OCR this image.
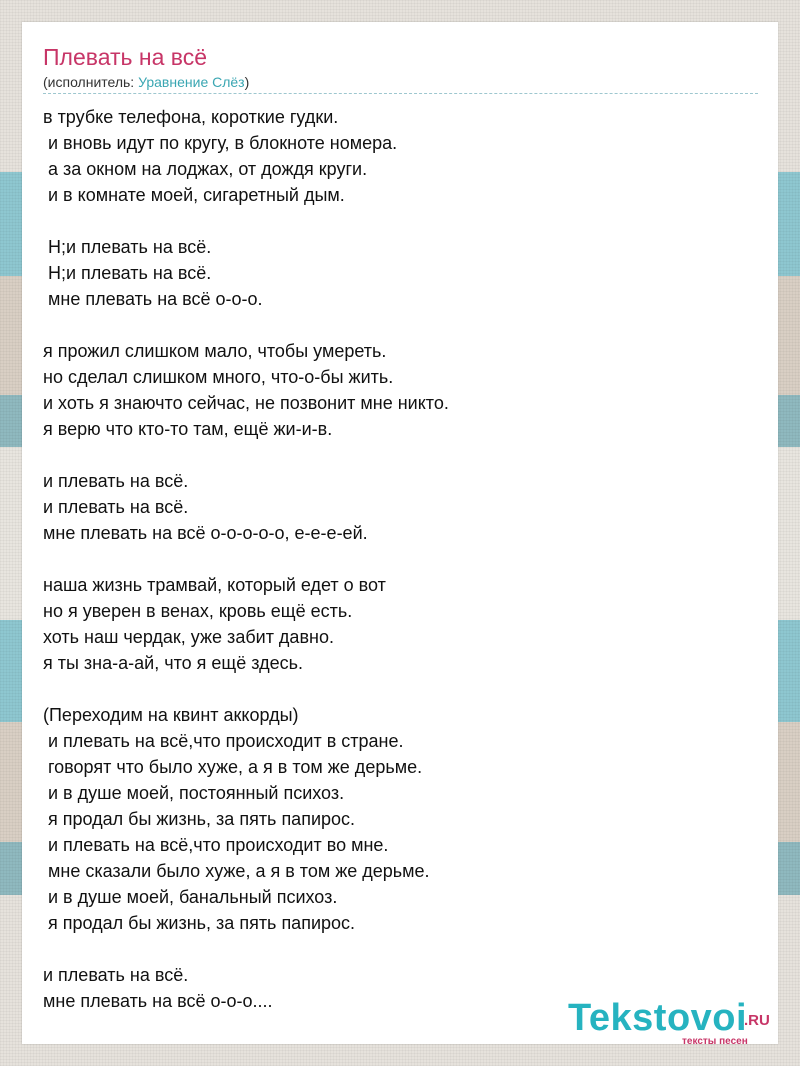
Плевать на всё
(исполнитель: Уравнение Слёз)
в трубке телефона, короткие гудки.
и вновь идут по кругу, в блокноте номера.
а за окном на лоджах, от дождя круги.
и в комнате моей, сигаретный дым.
Н;и плевать на всё.
Н;и плевать на всё.
мне плевать на всё о-о-о.
я прожил слишком мало, чтобы умереть.
но сделал слишком много, что-о-бы жить.
и хоть я знаючто сейчас, не позвонит мне никто.
я верю что кто-то там, ещё жи-и-в.
и плевать на всё.
и плевать на всё.
мне плевать на всё о-о-о-о-о, е-е-е-ей.
наша жизнь трамвай, который едет о вот
но я уверен в венах, кровь ещё есть.
хоть наш чердак, уже забит давно.
я ты зна-а-ай, что я ещё здесь.
(Переходим на квинт аккорды)
и плевать на всё,что происходит в стране.
говорят что было хуже, а я в том же дерьме.
и в душе моей, постоянный психоз.
я продал бы жизнь, за пять папирос.
и плевать на всё,что происходит во мне.
мне сказали было хуже, а я в том же дерьме.
и в душе моей, банальный психоз.
я продал бы жизнь, за пять папирос.
и плевать на всё.
мне плевать на всё о-о-о....	Tekstovoi
.RU
тексты песен
